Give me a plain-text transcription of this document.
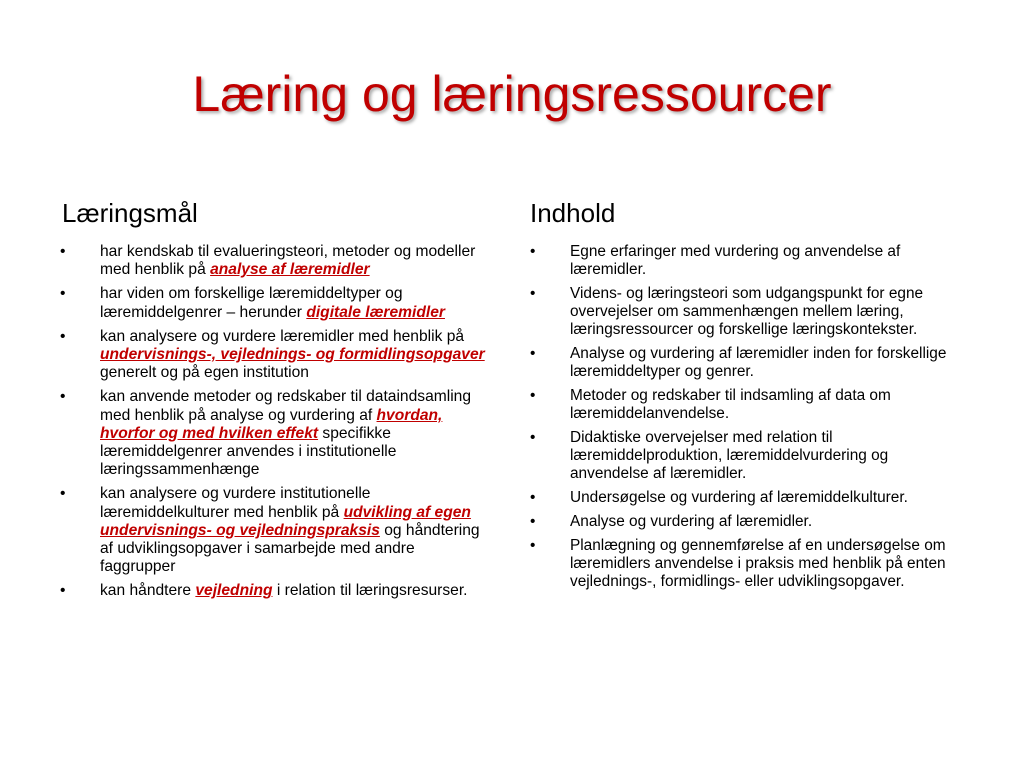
Læring og læringsressourcer
Læringsmål
•	har kendskab til evalueringsteori, metoder og modeller med henblik på analyse af læremidler
•	har viden om forskellige læremiddeltyper og læremiddelgenrer – herunder digitale læremidler
•	kan analysere og vurdere læremidler med henblik på undervisnings-, vejlednings- og formidlingsopgaver generelt og på egen institution
•	kan anvende metoder og redskaber til dataindsamling med henblik på analyse og vurdering af hvordan, hvorfor og med hvilken effekt specifikke læremiddelgenrer anvendes i institutionelle læringssammenhænge
•	kan analysere og vurdere institutionelle læremiddelkulturer med henblik på udvikling af egen undervisnings- og vejledningspraksis og håndtering af udviklingsopgaver i samarbejde med andre faggrupper
•	kan håndtere vejledning i relation til læringsresurser.
Indhold
•	Egne erfaringer med vurdering og anvendelse af læremidler.
•	Videns- og læringsteori som udgangspunkt for egne overvejelser om sammenhængen mellem læring, læringsressourcer og forskellige læringskontekster.
•	Analyse og vurdering af læremidler inden for forskellige læremiddeltyper og genrer.
•	Metoder og redskaber til indsamling af data om læremiddelanvendelse.
•	Didaktiske overvejelser med relation til læremiddelproduktion, læremiddelvurdering og anvendelse af læremidler.
•	Undersøgelse og vurdering af læremiddelkulturer.
•	Analyse og vurdering af læremidler.
•	Planlægning og gennemførelse af en undersøgelse om læremidlers anvendelse i praksis med henblik på enten vejlednings-, formidlings- eller udviklingsopgaver.
